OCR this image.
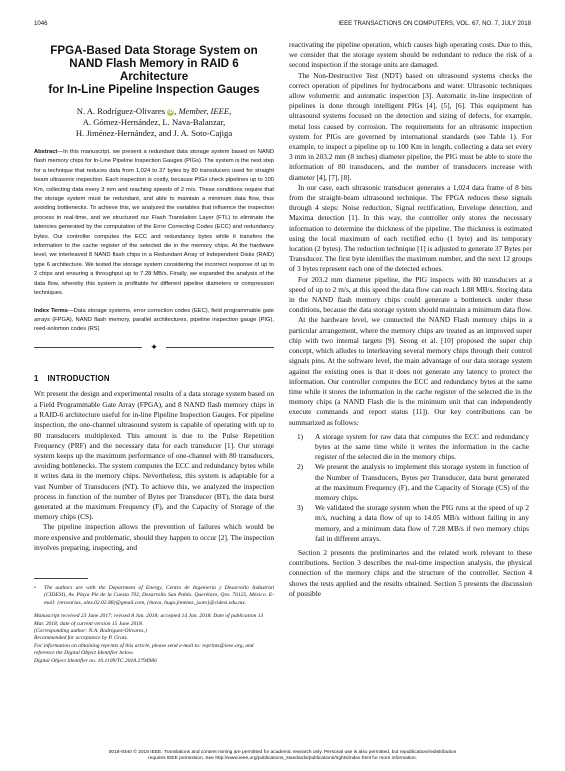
1046	IEEE TRANSACTIONS ON COMPUTERS, VOL. 67, NO. 7, JULY 2018
FPGA-Based Data Storage System on
NAND Flash Memory in RAID 6 Architecture
for In-Line Pipeline Inspection Gauges
N. A. Rodríguez-Olivares iD, Member, IEEE,
A. Gómez-Hernández, L. Nava-Balanzar,
H. Jiménez-Hernández, and J. A. Soto-Cajiga
Abstract—In this manuscript, we present a redundant data storage system based on NAND flash memory chips for In-Line Pipeline Inspection Gauges (PIGs). The system is the next step for a technique that reduces data from 1,024 to 37 bytes by 80 transducers used for straight beam ultrasonic inspection. Each inspection is costly, because PIGs check pipelines up to 100 Km, collecting data every 3 mm and reaching speeds of 2 m/s. These conditions require that the storage system must be redundant, and able to maintain a minimum data flow, thus avoiding bottlenecks. To achieve this, we analyzed the variables that influence the inspection process in real-time, and we structured our Flash Translation Layer (FTL) to eliminate the latencies generated by the computation of the Error Correcting Codes (ECC) and redundancy bytes. Our controller computes the ECC and redundancy bytes while it transfers the information to the cache register of the selected die in the memory chips. At the hardware level, we interleaved 8 NAND flash chips in a Redundant Array of Independent Disks (RAID) type 6 architecture. We tested the storage system considering the incorrect response of up to 2 chips and ensuring a throughput up to 7.28 MB/s. Finally, we expanded the analysis of the data flow, whereby this system is profitable for different pipeline diameters or compression techniques.
Index Terms—Data storage systems, error correction codes (EEC), field programmable gate arrays (FPGA), NAND flash memory, parallel architectures, pipeline inspection gauge (PIG), reed-solomon codes (RS)
✦
1 INTRODUCTION

WE present the design and experimental results of a data storage system based on a Field Programmable Gate Array (FPGA), and 8 NAND flash memory chips in a RAID-6 architecture useful for in-line Pipeline Inspection Gauges. For pipeline inspection, the one-channel ultrasound system is capable of operating with up to 80 transducers multiplexed. This amount is due to the Pulse Repetition Frequency (PRF) and the necessary data for each transducer [1]. Our storage system keeps up the maximum performance of one-channel with 80 transducers, avoiding bottlenecks. The system computes the ECC and redundancy bytes while it writes data in the memory chips. Nevertheless, this system is adaptable for a vast Number of Transducers (NT). To achieve this, we analyzed the inspection process in function of the number of Bytes per Transducer (BT), the data burst generated at the maximum Frequency (F), and the Capacity of Storage of the memory chips (CS).

The pipeline inspection allows the prevention of failures which would be more expensive and problematic, should they happen to occur [2]. The inspection involves preparing, inspecting, and

• The authors are with the Department of Energy, Centro de Ingeniería y Desarrollo Industrial (CIDESI), Av. Playa Pie de la Cuesta 702, Desarrollo San Pablo, Querétaro, Qro. 76125, México. E-mail: {nrovarias, alex.02.02.88}@gmail.com, {lnava, hugo.jimenez, jsoto}@cidesi.edu.mx.

Manuscript received 23 June 2017; revised 8 Jan. 2018; accepted 14 Jan. 2018. Date of publication 13 Mar. 2018; date of current version 15 June 2018.

(Corresponding author: N.A. Rodríguez-Olivares.)

Recommended for acceptance by P. Gratz.

For information on obtaining reprints of this article, please send e-mail to: reprints@ieee.org, and reference the Digital Object Identifier below.

Digital Object Identifier no. 10.1109/TC.2018.2794986

reactivating the pipeline operation, which causes high operating costs. Due to this, we consider that the storage system should be redundant to reduce the risk of a second inspection if the storage units are damaged.

The Non-Destructive Test (NDT) based on ultrasound systems checks the correct operation of pipelines for hydrocarbons and water. Ultrasonic techniques allow volumetric and automatic inspection [3]. Automatic in-line inspection of pipelines is done through intelligent PIGs [4], [5], [6]. This equipment has ultrasound systems focused on the detection and sizing of defects, for example, metal loss caused by corrosion. The requirements for an ultrasonic inspection system for PIGs are governed by international standards (see Table 1). For example, to inspect a pipeline up to 100 Km in length, collecting a data set every 3 mm in 203.2 mm (8 inches) diameter pipeline, the PIG must be able to store the information of 80 transducers, and the number of transducers increase with diameter [4], [7], [8].

In our case, each ultrasonic transducer generates a 1,024 data frame of 8 bits from the straight-beam ultrasound technique. The FPGA reduces these signals through 4 steps: Noise reduction, Signal rectification, Envelope detection, and Maxima detection [1]. In this way, the controller only stores the necessary information to determine the thickness of the pipeline. The thickness is estimated using the local maximum of each rectified echo (1 byte) and its temporary location (2 bytes). The reduction technique [1] is adjusted to generate 37 Bytes per Transducer. The first byte identifies the maximum number, and the next 12 groups of 3 bytes represent each one of the detected echoes.

For 203.2 mm diameter pipeline, the PIG inspects with 80 transducers at a speed of up to 2 m/s, at this speed the data flow can reach 1.88 MB/s. Storing data in the NAND flash memory chips could generate a bottleneck under these conditions, because the data storage system should maintain a minimum data flow.

At the hardware level, we connected the NAND Flash memory chips in a particular arrangement, where the memory chips are treated as an improved super chip with two internal targets [9]. Seong et al. [10] proposed the super chip concept, which alludes to interleaving several memory chips through their control signals pins. At the software level, the main advantage of our data storage system against the existing ones is that it does not generate any latency to protect the information. Our controller computes the ECC and redundancy bytes at the same time while it stores the information in the cache register of the selected die in the memory chips (a NAND Flash die is the minimum unit that can independently execute commands and report status [11]). Our key contributions can be summarized as follows:

1) A storage system for raw data that computes the ECC and redundancy bytes at the same time while it writes the information in the cache register of the selected die in the memory chips.
2) We present the analysis to implement this storage system in function of the Number of Transducers, Bytes per Transducer, data burst generated at the maximum Frequency (F), and the Capacity of Storage (CS) of the memory chips.
3) We validated the storage system when the PIG runs at the speed of up 2 m/s, reaching a data flow of up to 14.05 MB/s without failing in any memory, and a minimum data flow of 7.28 MB/s if two memory chips fail in different arrays.

Section 2 presents the preliminaries and the related work relevant to these contributions. Section 3 describes the real-time inspection analysis, the physical connection of the memory chips and the structure of the controller. Section 4 shows the tests applied and the results obtained. Section 5 presents the discussion of possible

0018-9340 © 2018 IEEE. Translations and content mining are permitted for academic research only. Personal use is also permitted, but republication/redistribution
requires IEEE permission. See http://www.ieee.org/publications_standards/publications/rights/index.html for more information.
